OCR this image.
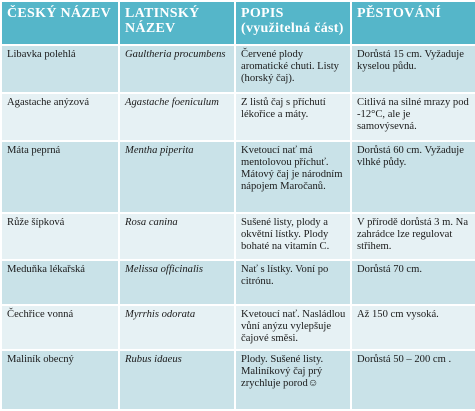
ČESKÝ NÁZEV	LATINSKÝ NÁZEV	POPIS (využitelná část)	PĚSTOVÁNÍ
Libavka polehlá	Gaultheria procumbens	Červené plody aromatické chuti. Listy (horský čaj).	Dorůstá 15 cm. Vyžaduje kyselou půdu.
Agastache anýzová	Agastache foeniculum	Z listů čaj s příchutí lékořice a máty.	Citlivá na silné mrazy pod -12°C, ale je samovýsevná.
Máta peprná	Mentha piperita	Kvetoucí nať má mentolovou příchuť. Mátový čaj je národním nápojem Maročanů.	Dorůstá 60 cm. Vyžaduje vlhké půdy.
Růže šípková	Rosa canina	Sušené listy, plody a okvětní lístky. Plody bohaté na vitamín C.	V přírodě dorůstá 3 m. Na zahrádce lze regulovat střihem.
Meduňka lékařská	Melissa officinalis	Nať s lístky. Voní po citrónu.	Dorůstá 70 cm.
Čechřice vonná	Myrrhis odorata	Kvetoucí nať. Nasládlou vůní anýzu vylepšuje čajové směsi.	Až 150 cm vysoká.
Maliník obecný	Rubus idaeus	Plody. Sušené listy. Maliníkový čaj prý zrychluje porod☺	Dorůstá 50 – 200 cm .
